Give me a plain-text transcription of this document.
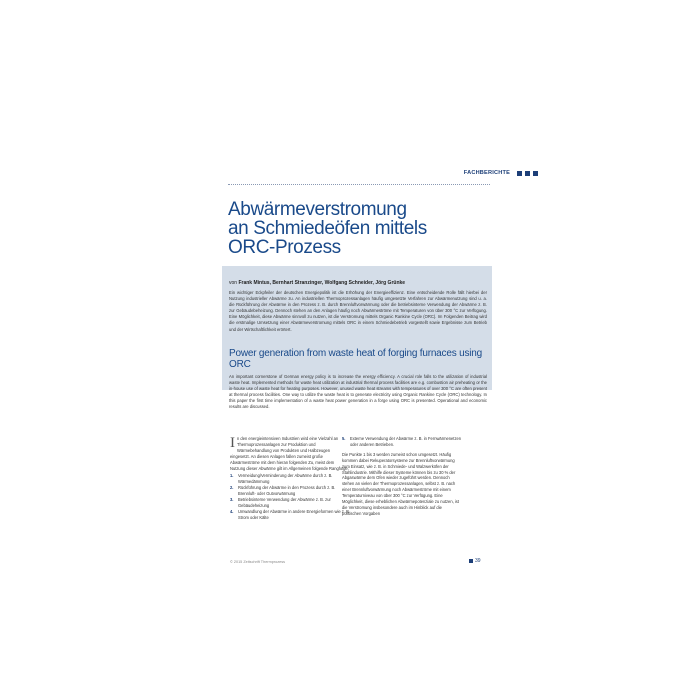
FACHBERICHTE
Abwärmeverstromung
an Schmiedeöfen mittels
ORC-Prozess
von Frank Mintus, Bernhart Stranzinger, Wolfgang Schneider, Jörg Grünke
Ein wichtiger Eckpfeiler der deutschen Energiepolitik ist die Erhöhung der Energieeffizienz. Eine entscheidende Rolle fällt hierbei der Nutzung industrieller Abwärme zu. An industriellen Thermoprozessanlagen häufig umgesetzte Verfahren zur Abwärmenutzung sind u. a. die Rückführung der Abwärme in den Prozess z. B. durch Brennluftvorwärmung oder die betriebsinterne Verwendung der Abwärme z. B. zur Gebäudebeheizung. Dennoch stehen an den Anlagen häufig noch Abwärmeströme mit Temperaturen von über 300 °C zur Verfügung. Eine Möglichkeit, diese Abwärme sinnvoll zu nutzen, ist die Verstromung mittels Organic Rankine Cycle (ORC). Im Folgenden Beitrag wird die erstmalige Umsetzung einer Abwärmeverstromung mittels ORC in einem Schmiedebetrieb vorgestellt sowie Ergebnisse zum Betrieb und der Wirtschaftlichkeit erörtert.
Power generation from waste heat of forging furnaces using ORC
An important cornerstone of German energy policy is to increase the energy efficiency. A crucial role falls to the utilization of industrial waste heat. Implemented methods for waste heat utilization at industrial thermal process facilities are e.g. combustion air preheating or the in-house use of waste heat for heating purposes. However, unused waste heat streams with temperatures of over 300 °C are often present at thermal process facilities. One way to utilize the waste heat is to generate electricity using Organic Rankine Cycle (ORC) technology. In this paper the first time implementation of a waste heat power generation in a forge using ORC is presented. Operational and economic results are discussed.

In den energieintensiven Industrien wird eine Vielzahl an Thermoprozessanlagen zur Produktion und Wärmebehandlung von Produkten und Halbzeugen eingesetzt. An diesen Anlagen fallen zumeist große Abwärmeströme mit dem hieran folgenden Zu, meist dem Nutzung dieser Abwärme gilt im Allgemeinen folgende Rangfolge:

1.	Vermeidung/Verminderung der Abwärme durch z. B. Wärmedämmung
2.	Rückführung der Abwärme in den Prozess durch z. B. Brennluft- oder Gutvorwärmung
3.	Betriebsinterne Verwendung der Abwärme z. B. zur Gebäudeheizung
4.	Umwandlung der Abwärme in andere Energieformen wie z. B. Strom oder Kälte
5.	Externe Verwendung der Abwärme z. B. in Fernwärmenetzen oder anderen Betrieben.

Die Punkte 1 bis 3 werden zumeist schon umgesetzt. Häufig kommen dabei Rekuperatorsysteme zur Brennluftvorwärmung zum Einsatz, wie z. B. in Schmiede- und Walzwerköfen der Stahlindustrie. Mithilfe dieser Systeme können bis zu 30 % der Abgaswärme dem Ofen wieder zugeführt werden. Dennoch stehen an vielen der Thermoprozessanlagen, selbst z. B. nach einer Brennluftvorwärmung noch Abwärmeströme mit einem Temperaturniveau von über 300 °C zur Verfügung. Eine Möglichkeit, diese erheblichen Abwärmepotenziale zu nutzen, ist die Verstromung insbesondere auch im Hinblick auf die politischen Vorgaben

© 2015 Zeitschrift Thermprozess	39
